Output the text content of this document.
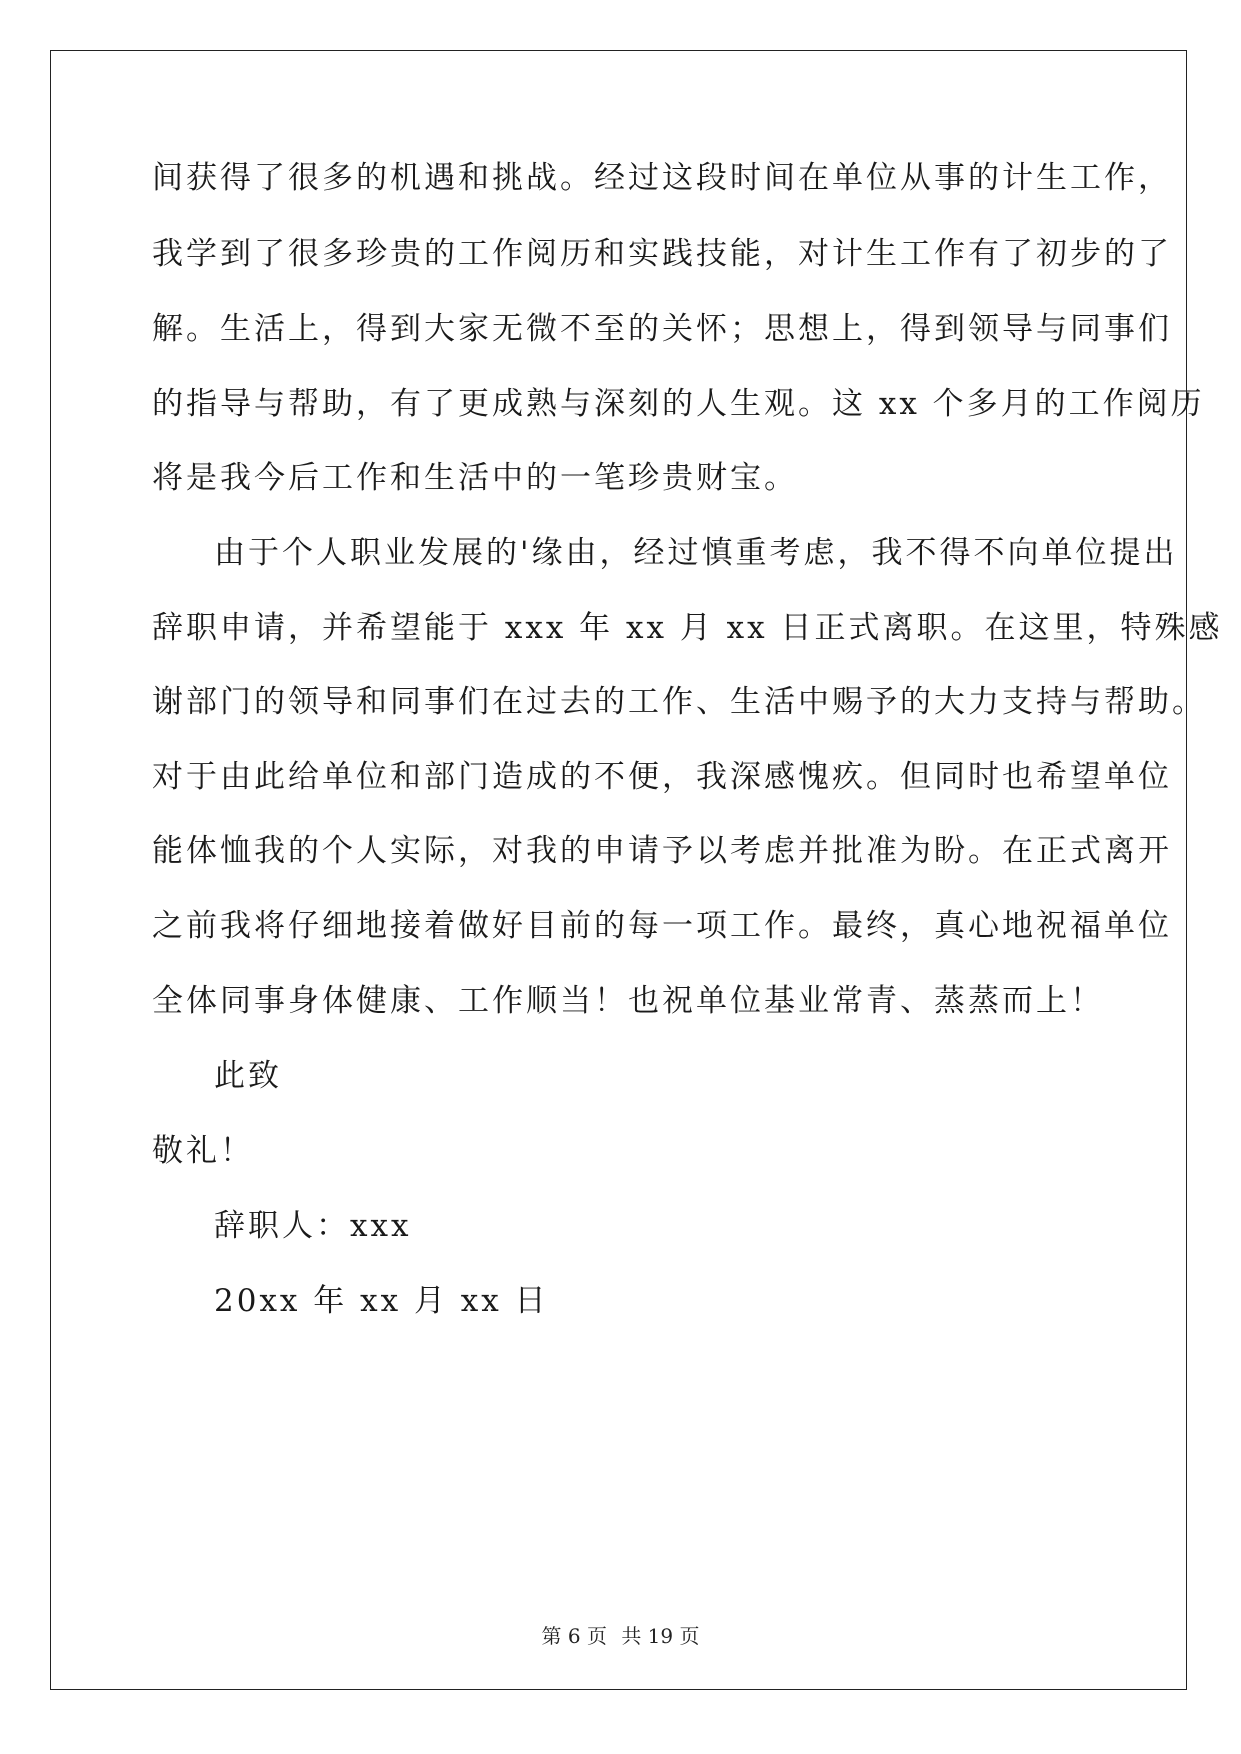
间获得了很多的机遇和挑战。经过这段时间在单位从事的计生工作，
我学到了很多珍贵的工作阅历和实践技能，对计生工作有了初步的了
解。生活上，得到大家无微不至的关怀；思想上，得到领导与同事们
的指导与帮助，有了更成熟与深刻的人生观。这 xx 个多月的工作阅历
将是我今后工作和生活中的一笔珍贵财宝。
由于个人职业发展的'缘由，经过慎重考虑，我不得不向单位提出
辞职申请，并希望能于 xxx 年 xx 月 xx 日正式离职。在这里，特殊感
谢部门的领导和同事们在过去的工作、生活中赐予的大力支持与帮助。
对于由此给单位和部门造成的不便，我深感愧疚。但同时也希望单位
能体恤我的个人实际，对我的申请予以考虑并批准为盼。在正式离开
之前我将仔细地接着做好目前的每一项工作。最终，真心地祝福单位
全体同事身体健康、工作顺当！也祝单位基业常青、蒸蒸而上！
此致
敬礼！
辞职人：xxx
20xx 年 xx 月 xx 日
第 6 页 共 19 页
